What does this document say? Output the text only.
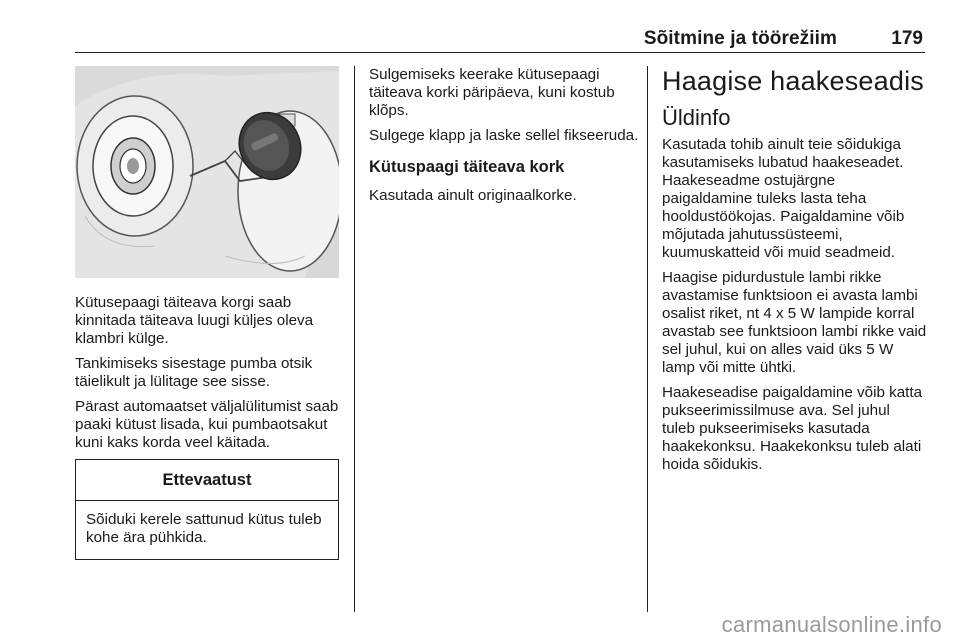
Sõitmine ja töörežiim	179

Kütusepaagi täiteava korgi saab kinnitada täiteava luugi küljes oleva klambri külge.

Tankimiseks sisestage pumba otsik täielikult ja lülitage see sisse.

Pärast automaatset väljalülitumist saab paaki kütust lisada, kui pumbaotsakut kuni kaks korda veel käitada.

Ettevaatust

Sõiduki kerele sattunud kütus tuleb kohe ära pühkida.

Sulgemiseks keerake kütusepaagi täiteava korki päripäeva, kuni kostub klõps.

Sulgege klapp ja laske sellel fikseeruda.

Kütuspaagi täiteava kork

Kasutada ainult originaalkorke.

Haagise haakeseadis
Üldinfo

Kasutada tohib ainult teie sõidukiga kasutamiseks lubatud haakeseadet. Haakeseadme ostujärgne paigaldamine tuleks lasta teha hooldustöökojas. Paigaldamine võib mõjutada jahutussüsteemi, kuumuskatteid või muid seadmeid.

Haagise pidurdustule lambi rikke avastamise funktsioon ei avasta lambi osalist riket, nt 4 x 5 W lampide korral avastab see funktsioon lambi rikke vaid sel juhul, kui on alles vaid üks 5 W lamp või mitte ühtki.

Haakeseadise paigaldamine võib katta pukseerimissilmuse ava. Sel juhul tuleb pukseerimiseks kasutada haakekonksu. Haakekonksu tuleb alati hoida sõidukis.

carmanualsonline.info
